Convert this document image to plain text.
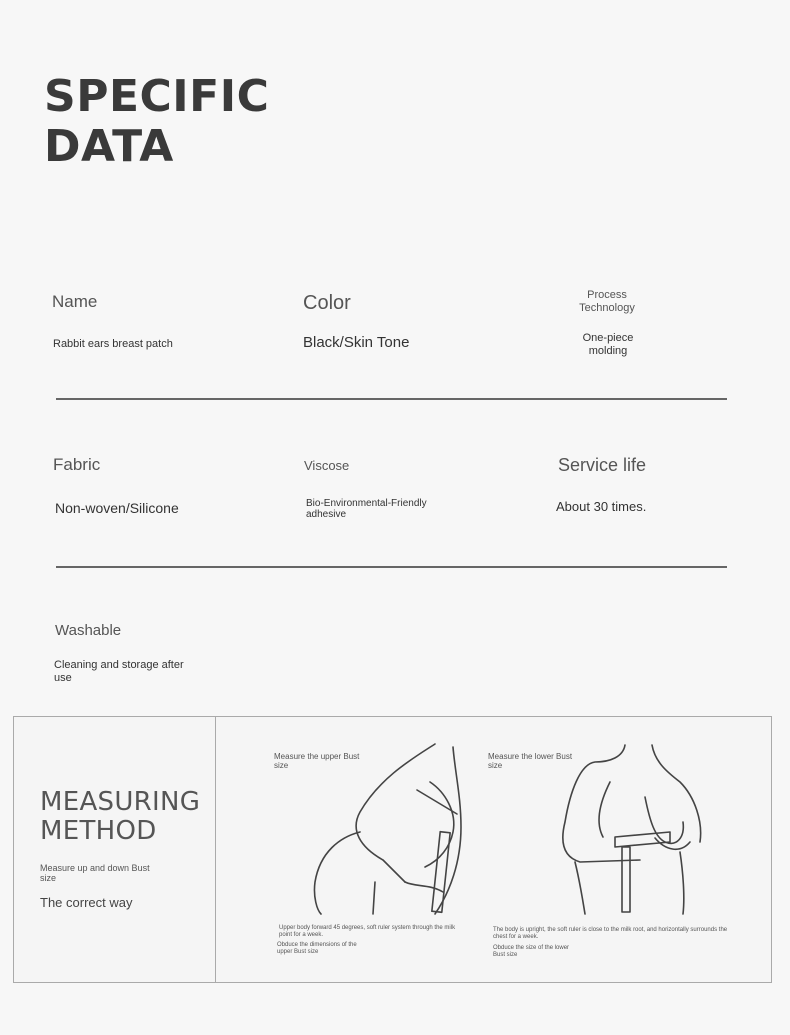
SPECIFIC
DATA
Name
Rabbit ears breast patch
Color
Black/Skin Tone
Process
Technology
One-piece
molding
Fabric
Non-woven/Silicone
Viscose
Bio-Environmental-Friendly
adhesive
Service life
About 30 times.
Washable
Cleaning and storage after
use
MEASURING
METHOD
Measure up and down Bust
size
The correct way
Measure the upper Bust
size
Upper body forward 45 degrees, soft ruler system through the milk
point for a week.
Obduce the dimensions of the
upper Bust size
Measure the lower Bust
size
The body is upright, the soft ruler is close to the milk root, and horizontally surrounds the
chest for a week.
Obduce the size of the lower
Bust size
